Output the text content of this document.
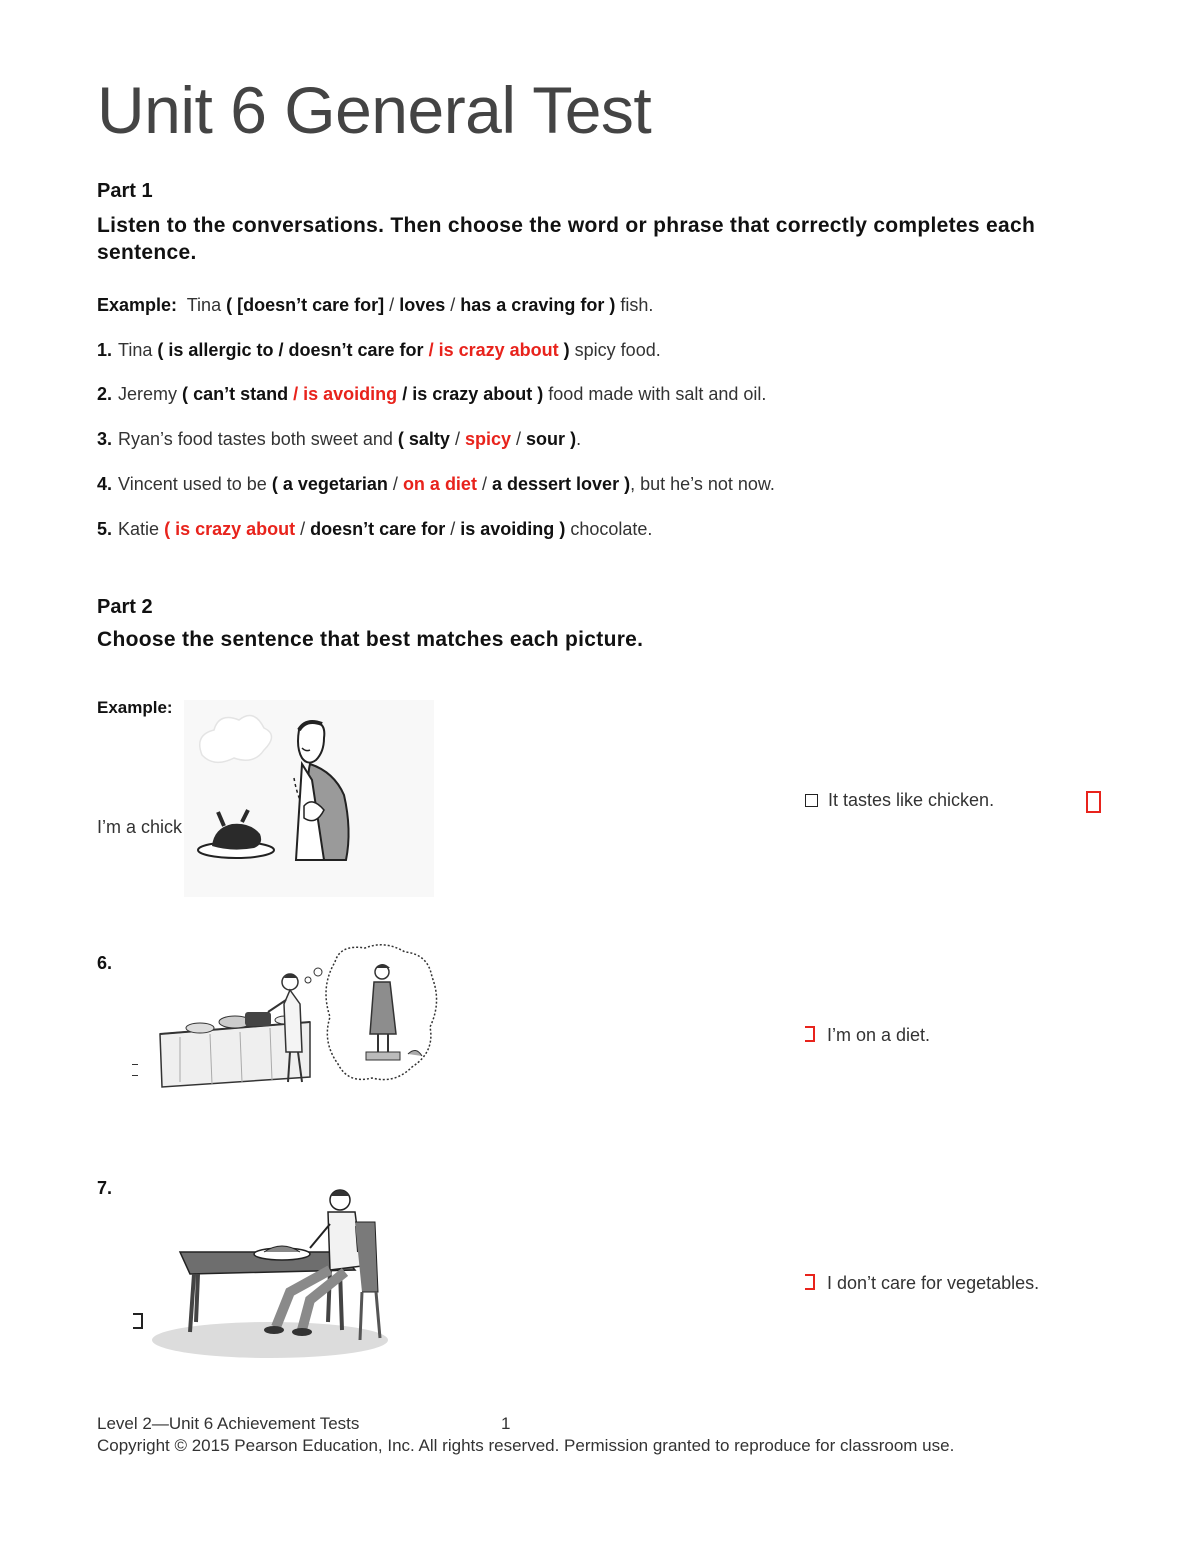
Unit 6 General Test
Part 1
Listen to the conversations. Then choose the word or phrase that correctly completes each sentence.
Example: Tina ( [doesn’t care for] / loves / has a craving for ) fish.
1. Tina ( is allergic to / doesn’t care for / is crazy about ) spicy food.
2. Jeremy ( can’t stand / is avoiding / is crazy about ) food made with salt and oil.
3. Ryan’s food tastes both sweet and ( salty / spicy / sour ).
4. Vincent used to be ( a vegetarian / on a diet / a dessert lover ), but he’s not now.
5. Katie ( is crazy about / doesn’t care for / is avoiding ) chocolate.
Part 2
Choose the sentence that best matches each picture.
Example:
I’m a chick
It tastes like chicken.
6.
I’m on a diet.
7.
I don’t care for vegetables.
Level 2—Unit 6 Achievement Tests	1
Copyright © 2015 Pearson Education, Inc. All rights reserved. Permission granted to reproduce for classroom use.
